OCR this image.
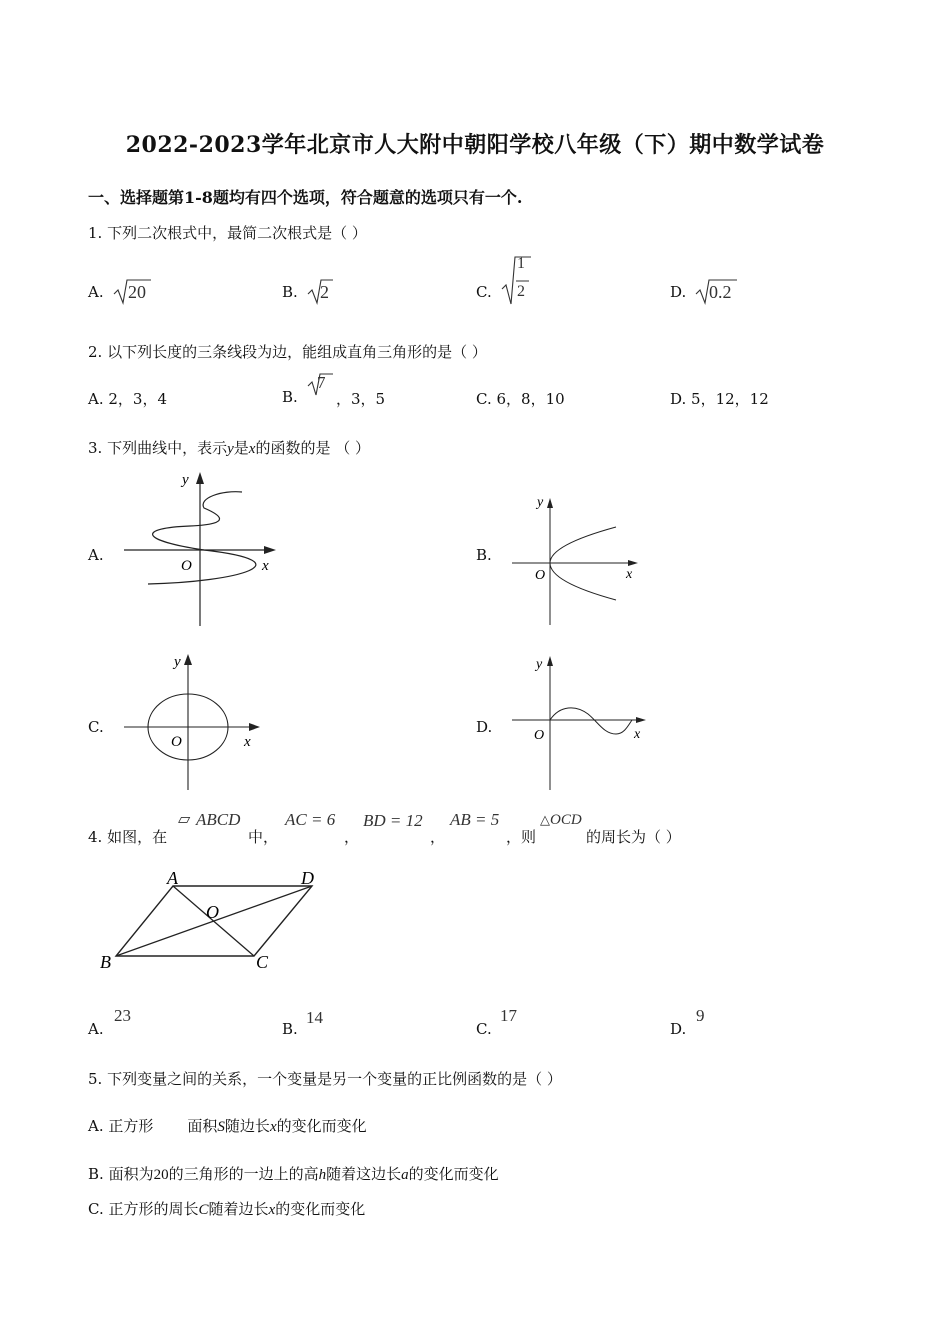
2022-2023学年北京市人大附中朝阳学校八年级（下）期中数学试卷
一、选择题第1-8题均有四个选项，符合题意的选项只有一个.
1. 下列二次根式中，最简二次根式是（ ）
A. 20	B. 2	C.
1
2	D. 0.2
2. 以下列长度的三条线段为边，能组成直角三角形的是（ ）
A. 2，3，4	B.
7
，3，5	C. 6，8，10	D. 5，12，12
3. 下列曲线中，表示y是x的函数的是 （ ）
A.
O	x
y
B.
O	x
y
C.
O	x
y
D.	O	x
y
4. 如图，在
▱ ABCD
中，
AC = 6
，
BD = 12
，
AB = 5
，则
△ OCD
的周长为（ ）
A	D
B	C
O
A.
23
B.
14
C.
17
D.
9
5. 下列变量之间的关系，一个变量是另一个变量的正比例函数的是（ ）
A. 正方形 面积S随边长x的变化而变化
B. 面积为20的三角形的一边上的高h随着这边长a的变化而变化
C. 正方形的周长C随着边长x的变化而变化
